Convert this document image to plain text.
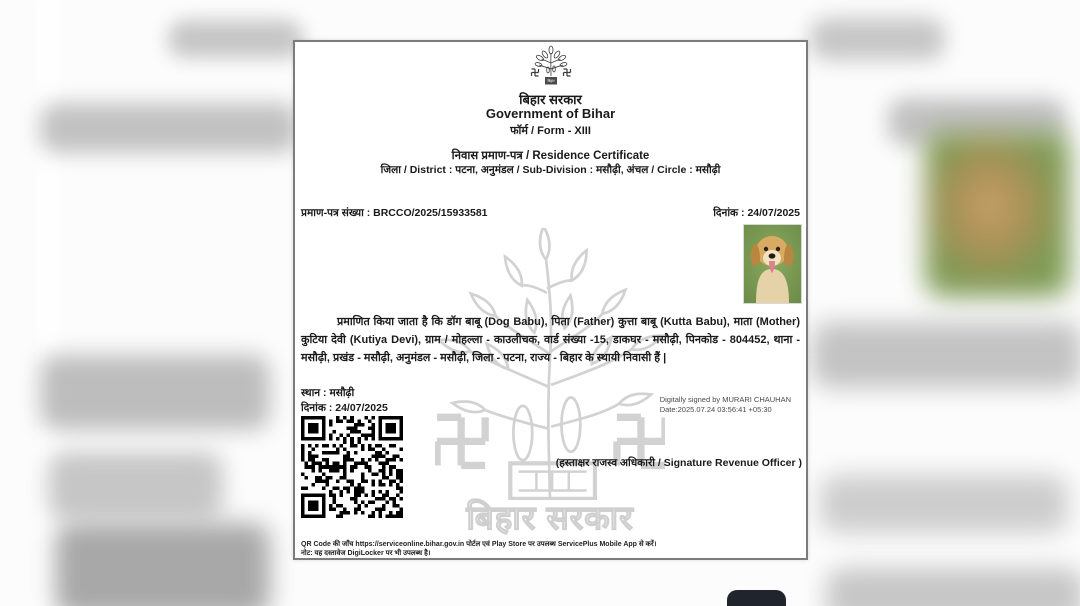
बिहार सरकार
बिहार
बिहार सरकार
Government of Bihar
फॉर्म / Form - XIII
निवास प्रमाण-पत्र / Residence Certificate
जिला / District : पटना, अनुमंडल / Sub-Division : मसौढ़ी, अंचल / Circle : मसौढ़ी
प्रमाण-पत्र संख्या : BRCCO/2025/15933581	दिनांक : 24/07/2025
प्रमाणित किया जाता है कि डॉग बाबू (Dog Babu), पिता (Father) कुत्ता बाबू (Kutta Babu), माता (Mother) कुटिया देवी (Kutiya Devi), ग्राम / मोहल्ला - काउलीचक, वार्ड संख्या -15, डाकघर - मसौढ़ी, पिनकोड - 804452, थाना - मसौढ़ी, प्रखंड - मसौढ़ी, अनुमंडल - मसौढ़ी, जिला - पटना, राज्य - बिहार के स्थायी निवासी हैं |
स्थान : मसौढ़ी
दिनांक : 24/07/2025
Digitally signed by MURARI CHAUHAN
Date:2025.07.24 03:56:41 +05:30
(हस्ताक्षर राजस्व अधिकारी / Signature Revenue Officer )
QR Code की जाँच https://serviceonline.bihar.gov.in पोर्टल एवं Play Store पर उपलब्ध ServicePlus Mobile App से करें।
नोट: यह दस्तावेज DigiLocker पर भी उपलब्ध है।
